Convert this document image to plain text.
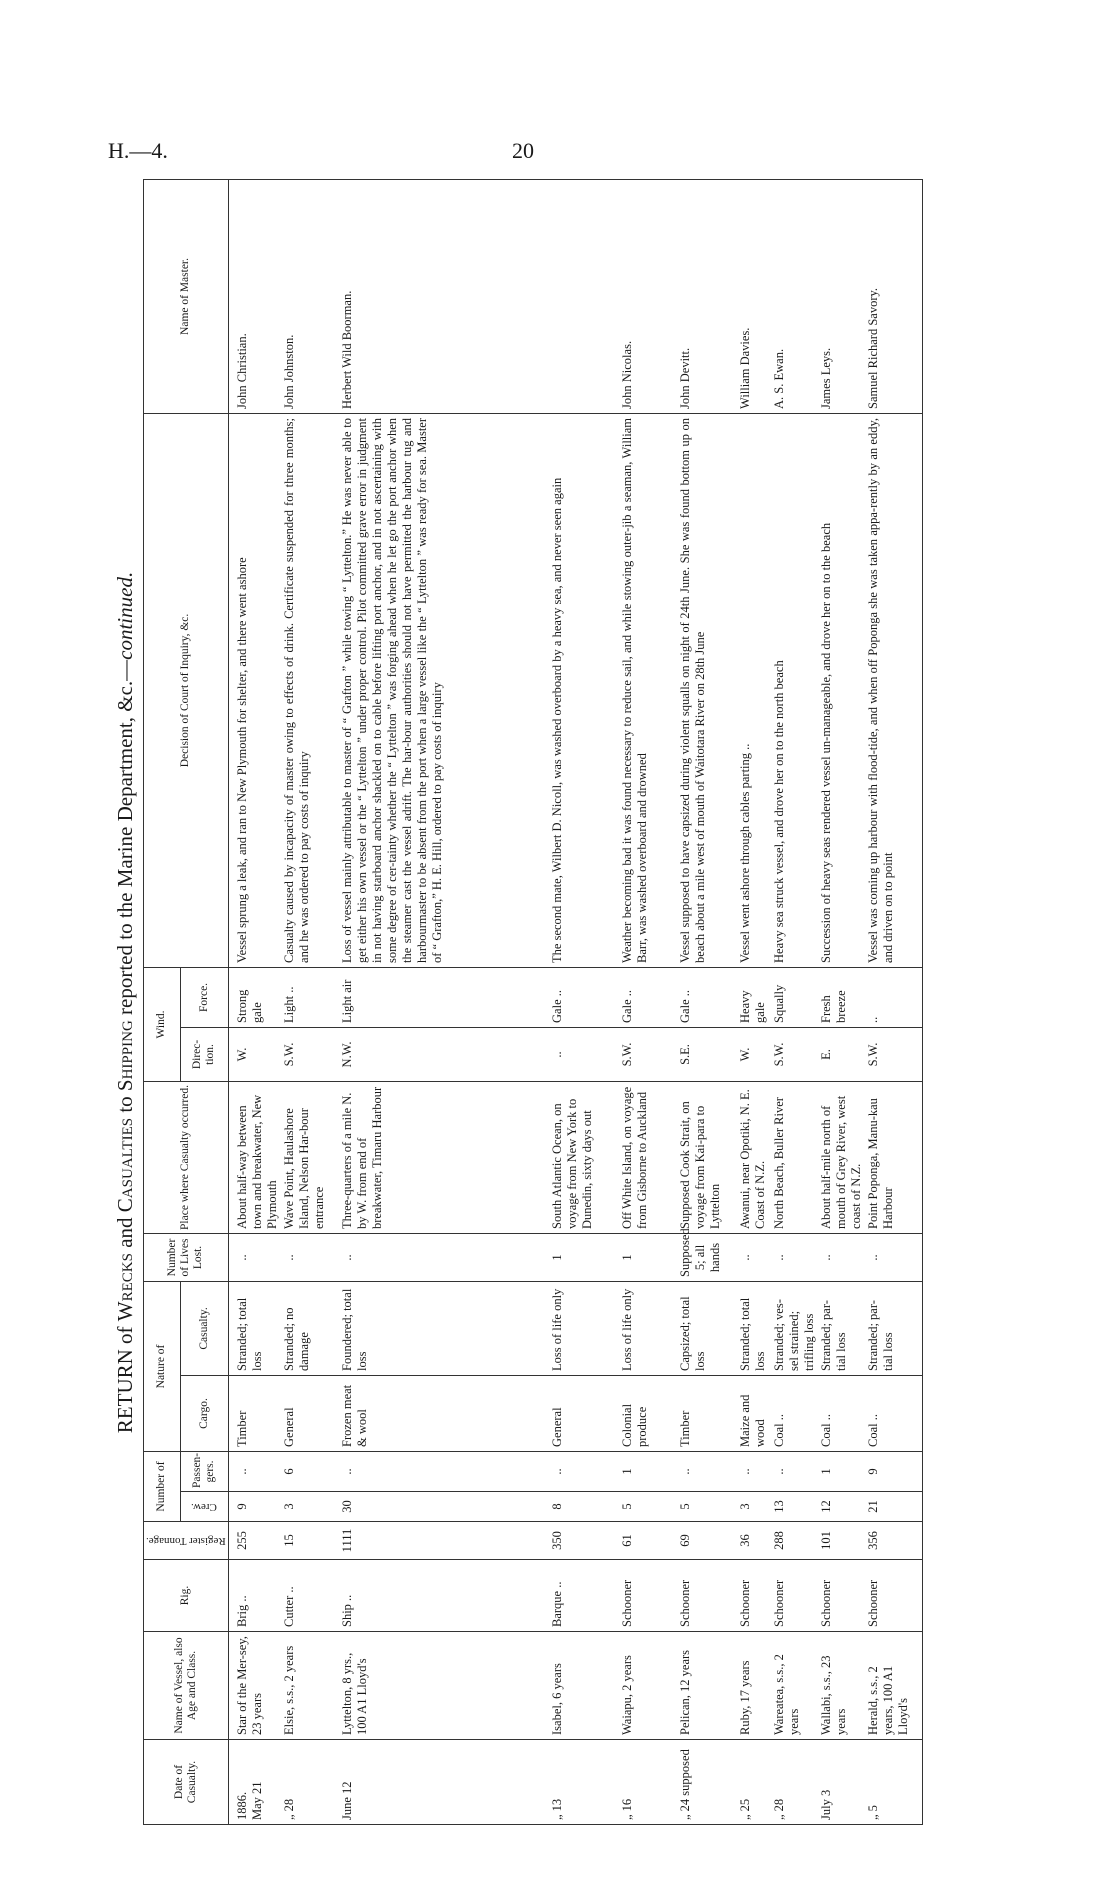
H.—4.	20
RETURN of Wrecks and Casualties to Shipping reported to the Marine Department, &c.—continued.
Date of Casualty.	Name of Vessel, also Age and Class.	Rig.	Register Tonnage.	Number of		Nature of		Number of Lives Lost.	Place where Casualty occurred.	Wind.		Decision of Court of Inquiry, &c.	Name of Master.

				Crew.	Passen-gers.	Cargo.	Casualty.			Direc-tion.	Force.		

1886. May 21	Star of the Mer-sey, 23 years	Brig ..	255	9	..	Timber	Stranded; total loss	..	About half-way between town and breakwater, New Plymouth	W.	Strong gale	Vessel sprung a leak, and ran to New Plymouth for shelter, and there went ashore	John Christian.
„ 28	Elsie, s.s., 2 years	Cutter ..	15	3	6	General	Stranded; no damage	..	Wave Point, Haulashore Island, Nelson Har-bour entrance	S.W.	Light ..	Casualty caused by incapacity of master owing to effects of drink. Certificate suspended for three months; and he was ordered to pay costs of inquiry	John Johnston.
June 12	Lyttelton, 8 yrs., 100 A1 Lloyd's	Ship ..	1111	30	..	Frozen meat & wool	Foundered; total loss	..	Three-quarters of a mile N. by W. from end of breakwater, Timaru Harbour	N.W.	Light air	Loss of vessel mainly attributable to master of “ Grafton ” while towing “ Lyttelton.” He was never able to get either his own vessel or the “ Lyttelton ” under proper control. Pilot committed grave error in judgment in not having starboard anchor shackled on to cable before lifting port anchor, and in not ascertaining with some degree of cer-tainty whether the “ Lyttelton ” was forging ahead when he let go the port anchor when the steamer cast the vessel adrift. The har-bour authorities should not have permitted the harbour tug and harbourmaster to be absent from the port when a large vessel like the “ Lyttelton ” was ready for sea. Master of “ Grafton,” H. E. Hill, ordered to pay costs of inquiry	Herbert Wild Boorman.
„ 13	Isabel, 6 years	Barque ..	350	8	..	General	Loss of life only	1	South Atlantic Ocean, on voyage from New York to Dunedin, sixty days out	..	Gale ..	The second mate, Wilbert D. Nicoll, was washed overboard by a heavy sea, and never seen again	
„ 16	Waiapu, 2 years	Schooner	61	5	1	Colonial produce	Loss of life only	1	Off White Island, on voyage from Gisborne to Auckland	S.W.	Gale ..	Weather becoming bad it was found necessary to reduce sail, and while stowing outer-jib a seaman, William Barr, was washed overboard and drowned	John Nicolas.
„ 24 supposed	Pelican, 12 years	Schooner	69	5	..	Timber	Capsized; total loss	Supposed 5; all hands	Supposed Cook Strait, on voyage from Kai-para to Lyttelton	S.E.	Gale ..	Vessel supposed to have capsized during violent squalls on night of 24th June. She was found bottom up on beach about a mile west of mouth of Waitotara River on 28th June	John Devitt.
„ 25	Ruby, 17 years	Schooner	36	3	..	Maize and wood	Stranded; total loss	..	Awanui, near Opotiki, N. E. Coast of N.Z.	W.	Heavy gale	Vessel went ashore through cables parting ..	William Davies.
„ 28	Wareatea, s.s., 2 years	Schooner	288	13	..	Coal ..	Stranded; ves-sel strained; trifling loss	..	North Beach, Buller River	S.W.	Squally	Heavy sea struck vessel, and drove her on to the north beach	A. S. Ewan.
July 3	Wallabi, s.s., 23 years	Schooner	101	12	1	Coal ..	Stranded; par-tial loss	..	About half-mile north of mouth of Grey River, west coast of N.Z.	E.	Fresh breeze	Succession of heavy seas rendered vessel un-manageable, and drove her on to the beach	James Leys.
„ 5	Herald, s.s., 2 years, 100 A1 Lloyd's	Schooner	356	21	9	Coal ..	Stranded; par-tial loss	..	Point Poponga, Manu-kau Harbour	S.W.	..	Vessel was coming up harbour with flood-tide, and when off Poponga she was taken appa-rently by an eddy, and driven on to point	Samuel Richard Savory.
